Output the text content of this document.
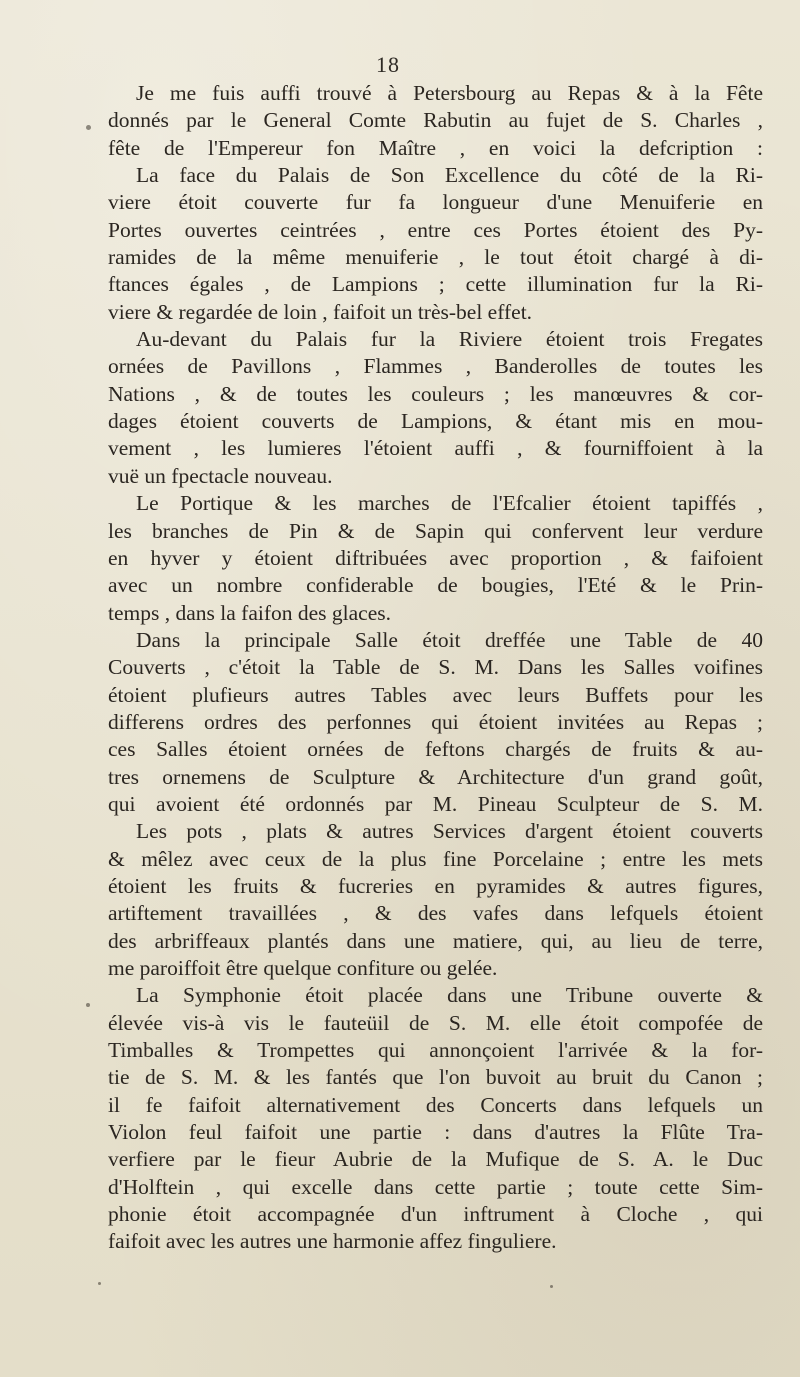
18
Je me fuis auffi trouvé à Petersbourg au Repas & à la Fête
donnés par le General Comte Rabutin au fujet de S. Charles ,
fête de l'Empereur fon Maître , en voici la defcription :
La face du Palais de Son Excellence du côté de la Ri-
viere étoit couverte fur fa longueur d'une Menuiferie en
Portes ouvertes ceintrées , entre ces Portes étoient des Py-
ramides de la même menuiferie , le tout étoit chargé à di-
ftances égales , de Lampions ; cette illumination fur la Ri-
viere & regardée de loin , faifoit un très-bel effet.
Au-devant du Palais fur la Riviere étoient trois Fregates
ornées de Pavillons , Flammes , Banderolles de toutes les
Nations , & de toutes les couleurs ; les manœuvres & cor-
dages étoient couverts de Lampions, & étant mis en mou-
vement , les lumieres l'étoient auffi , & fourniffoient à la
vuë un fpectacle nouveau.
Le Portique & les marches de l'Efcalier étoient tapiffés ,
les branches de Pin & de Sapin qui confervent leur verdure
en hyver y étoient diftribuées avec proportion , & faifoient
avec un nombre confiderable de bougies, l'Eté & le Prin-
temps , dans la faifon des glaces.
Dans la principale Salle étoit dreffée une Table de 40
Couverts , c'étoit la Table de S. M. Dans les Salles voifines
étoient plufieurs autres Tables avec leurs Buffets pour les
differens ordres des perfonnes qui étoient invitées au Repas ;
ces Salles étoient ornées de feftons chargés de fruits & au-
tres ornemens de Sculpture & Architecture d'un grand goût,
qui avoient été ordonnés par M. Pineau Sculpteur de S. M.
Les pots , plats & autres Services d'argent étoient couverts
& mêlez avec ceux de la plus fine Porcelaine ; entre les mets
étoient les fruits & fucreries en pyramides & autres figures,
artiftement travaillées , & des vafes dans lefquels étoient
des arbriffeaux plantés dans une matiere, qui, au lieu de terre,
me paroiffoit être quelque confiture ou gelée.
La Symphonie étoit placée dans une Tribune ouverte &
élevée vis-à vis le fauteüil de S. M. elle étoit compofée de
Timballes & Trompettes qui annonçoient l'arrivée & la for-
tie de S. M. & les fantés que l'on buvoit au bruit du Canon ;
il fe faifoit alternativement des Concerts dans lefquels un
Violon feul faifoit une partie : dans d'autres la Flûte Tra-
verfiere par le fieur Aubrie de la Mufique de S. A. le Duc
d'Holftein , qui excelle dans cette partie ; toute cette Sim-
phonie étoit accompagnée d'un inftrument à Cloche , qui
faifoit avec les autres une harmonie affez finguliere.
